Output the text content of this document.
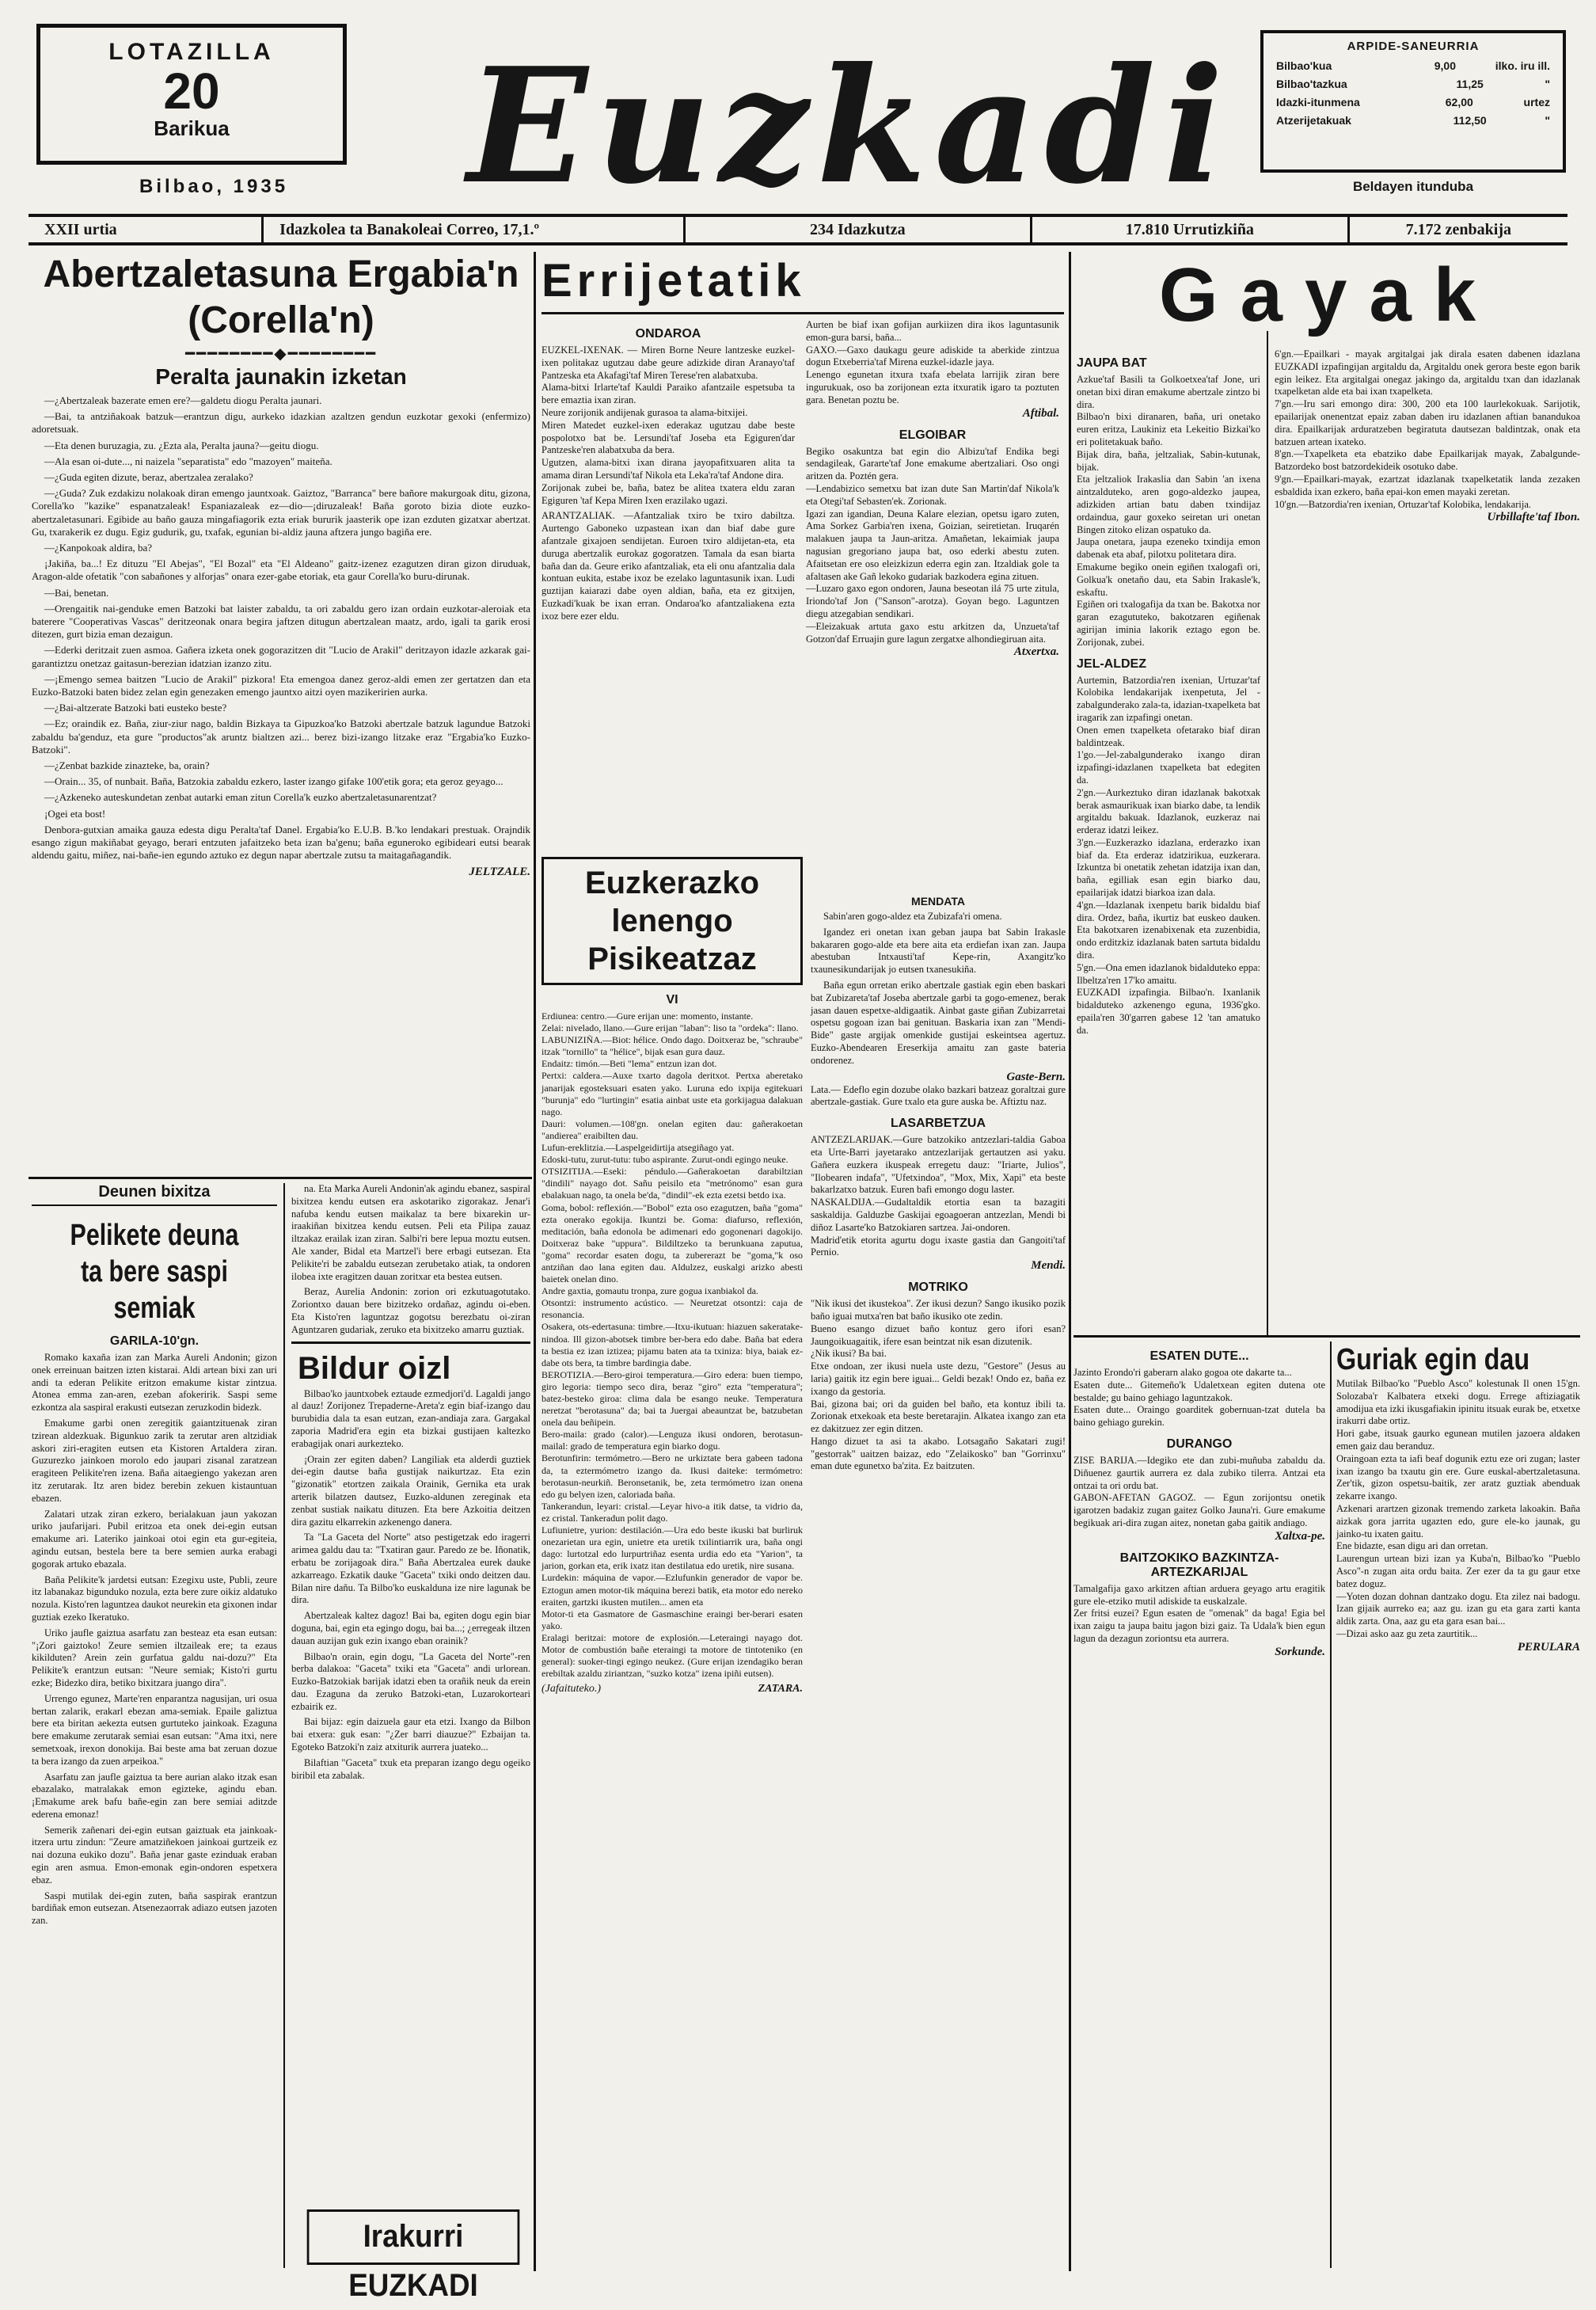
LOTAZILLA
20
Barikua
Bilbao, 1935 Euzkadi	ARPIDE-SANEURRIA
Bilbao'kua	9,00	ilko. iru ill.
Bilbao'tazkua	11,25	"
Idazki-itunmena	62,00	urtez
Atzerijetakuak	112,50	"
Beldayen itunduba
XXII urtia	Idazkolea ta Banakoleai Correo, 17,1.º	234 Idazkutza	17.810 Urrutizkiña	7.172 zenbakija
Abertzaletasuna Ergabia'n (Corella'n)
━━━━━━━━◆━━━━━━━━
Peralta jaunakin izketan

—¿Abertzaleak bazerate emen ere?—galdetu diogu Peralta jaunari.

—Bai, ta antziñakoak batzuk—erantzun digu, aurkeko idazkian azaltzen gendun euzkotar gexoki (enfermizo) adoretsuak.

—Eta denen buruzagia, zu. ¿Ezta ala, Peralta jauna?—geitu diogu.

—Ala esan oi-dute..., ni naizela "separatista" edo "mazoyen" maiteña.

—¿Guda egiten dizute, beraz, abertzalea zeralako?

—¿Guda? Zuk ezdakizu nolakoak diran emengo jauntxoak. Gaiztoz, "Barranca" bere bañore makurgoak ditu, gizona, Corella'ko "kazike" espanatzaleak! Espaniazaleak ez—dio—¡diruzaleak! Baña goroto bizia diote euzko-abertzaletasunari. Egibide au baño gauza mingafiagorik ezta eriak bururik jaasterik ope izan ezduten gizatxar abertzat. Gu, txarakerik ez dugu. Egiz gudurik, gu, txafak, egunian bi-aldiz jauna aftzera jungo bagiña ere.

—¿Kanpokoak aldira, ba?

¡Jakiña, ba...! Ez dituzu "El Abejas", "El Bozal" eta "El Aldeano" gaitz-izenez ezagutzen diran gizon diruduak, Aragon-alde ofetatik "con sabañones y alforjas" onara ezer-gabe etoriak, eta gaur Corella'ko buru-dirunak.

—Bai, benetan.

—Orengaitik nai-genduke emen Batzoki bat laister zabaldu, ta ori zabaldu gero izan ordain euzkotar-aleroiak eta baterere "Cooperativas Vascas" deritzeonak onara begira jaftzen ditugun abertzalean maatz, ardo, igali ta garik erosi ditezen, gurt bizia eman dezaigun.

—Ederki deritzait zuen asmoa. Gañera izketa onek gogorazitzen dit "Lucio de Arakil" deritzayon idazle azkarak gai-garantiztzu onetzaz gaitasun-berezian idatzian izanzo zitu.

—¡Emengo semea baitzen "Lucio de Arakil" pizkora! Eta emengoa danez geroz-aldi emen zer gertatzen dan eta Euzko-Batzoki baten bidez zelan egin genezaken emengo jauntxo aitzi oyen mazikeririen aurka.

—¿Bai-altzerate Batzoki bati eusteko beste?

—Ez; oraindik ez. Baña, ziur-ziur nago, baldin Bizkaya ta Gipuzkoa'ko Batzoki abertzale batzuk lagundue Batzoki zabaldu ba'genduz, eta gure "productos"ak aruntz bialtzen azi... berez bizi-izango litzake eraz "Ergabia'ko Euzko-Batzoki".

—¿Zenbat bazkide zinazteke, ba, orain?

—Orain... 35, of nunbait. Baña, Batzokia zabaldu ezkero, laster izango gifake 100'etik gora; eta geroz geyago...

—¿Azkeneko auteskundetan zenbat autarki eman zitun Corella'k euzko abertzaletasunarentzat?

¡Ogei eta bost!

Denbora-gutxian amaika gauza edesta digu Peralta'taf Danel. Ergabia'ko E.U.B. B.'ko lendakari prestuak. Orajndik esango zigun makiñabat geyago, berari entzuten jafaitzeko beta izan ba'genu; baña eguneroko egibideari eutsi bearak aldendu gaitu, miñez, nai-bañe-ien egundo aztuko ez degun napar abertzale zutsu ta maitagañagandik.

JELTZALE.
Deunen bixitza
Pelikete deuna ta bere saspi semiak
GARILA-10'gn.

Romako kaxaña izan zan Marka Aureli Andonin; gizon onek erreinuan baitzen izten kistarai. Aldi artean bixi zan uri andi ta ederan Pelikite eritzon emakume kistar zintzua. Atonea emma zan-aren, ezeban afokeririk. Saspi seme ezkontza ala saspiral erakusti eutsezan zeruzkodin bidezk.

Emakume garbi onen zeregitik gaiantzituenak ziran tzirean aldezkuak. Bigunkuo zarik ta zerutar aren altzidiak askori ziri-eragiten eutsen eta Kistoren Artaldera ziran. Guzurezko jainkoen morolo edo jaupari zisanal zaratzean eragiteen Pelikite'ren izena. Baña aitaegiengo yakezan aren itz zerutarak. Itz aren bidez berebin zekuen kistauntuan ebazen.

Zalatari utzak ziran ezkero, berialakuan jaun yakozan uriko jaufarijari. Pubil eritzoa eta onek dei-egin eutsan emakume ari. Lateriko jainkoai otoi egin eta gur-egiteia, agindu eutsan, bestela bere ta bere semien aurka erabagi gogorak artuko ebazala.

Baña Pelikite'k jardetsi eutsan: Ezegixu uste, Publi, zeure itz labanakaz bigunduko nozula, ezta bere zure oikiz aldatuko nozula. Kisto'ren laguntzea daukot neurekin eta gixonen indar guztiak ezeko Ikeratuko.

Uriko jaufle gaiztua asarfatu zan besteaz eta esan eutsan: "¡Zori gaiztoko! Zeure semien iltzaileak ere; ta ezaus kikilduten? Arein zein gurfatua galdu nai-dozu?" Eta Pelikite'k erantzun eutsan: "Neure semiak; Kisto'ri gurtu ezke; Bidezko dira, betiko bixitzara juango dira".

Urrengo egunez, Marte'ren enparantza nagusijan, uri osua bertan zalarik, erakarl ebezan ama-semiak. Epaile galiztua bere eta biritan aekezta eutsen gurtuteko jainkoak. Ezaguna bere emakume zerutarak semiai esan eutsan: "Ama itxi, nere semetxoak, irexon donokija. Bai beste ama bat zeruan dozue ta bera izango da zuen arpeikoa."

Asarfatu zan jaufle gaiztua ta bere aurian alako itzak esan ebazalako, matralakak emon egizteke, agindu eban. ¡Emakume arek bafu bañe-egin zan bere semiai aditzde ederena emonaz!

Semerik zañenari dei-egin eutsan gaiztuak eta jainkoak-itzera urtu zindun: "Zeure amatziñekoen jainkoai gurtzeik ez nai dozuna eukiko dozu". Baña jenar gaste ezinduak eraban egin aren asmua. Emon-emonak egin-ondoren espetxera ebaz.

Saspi mutilak dei-egin zuten, baña saspirak erantzun bardiñak emon eutsezan. Atsenezaorrak adiazo eutsen jazoten zan.

na. Eta Marka Aureli Andonin'ak agindu ebanez, saspiral bixitzea kendu eutsen era askotariko zigorakaz. Jenar'i nafuba kendu eutsen maikalaz ta bere bixarekin ur-iraakiñan bixitzea kendu eutsen. Peli eta Pilipa zauaz iltzakaz erailak izan ziran. Salbi'ri bere lepua moztu eutsen. Ale xander, Bidal eta Martzel'i bere erbagi eutsezan. Eta Pelikite'ri be zabaldu eutsezan zerubetako atiak, ta ondoren ilobea ixte eragitzen dauan zoritxar eta bestea eutsen.

Beraz, Aurelia Andonin: zorion ori ezkutuagotutako. Zoriontxo dauan bere bizitzeko ordañaz, agindu oi-eben. Eta Kisto'ren laguntzaz gogotsu berezbatu oi-ziran Aguntzaren gudariak, zeruko eta bixitzeko amarru guztiak.

Bildur oizl

Bilbao'ko jauntxobek eztaude ezmedjori'd. Lagaldi jango al dauz! Zorijonez Trepaderne-Areta'z egin biaf-izango dau burubidia dala ta esan eutzan, ezan-andiaja zara. Gargakal zaporia Madrid'era egin eta bizkai gustijaen kaltezko erabagijak onari aurkezteko.

¡Orain zer egiten daben? Langiliak eta alderdi guztiek dei-egin dautse baña gustijak naikurtzaz. Eta ezin "gizonatik" etortzen zaikala Orainik, Gernika eta urak arterik bilatzen dautsez, Euzko-aldunen zereginak eta zenbat sustiak naikatu dituzen. Eta bere Azkoitia deitzen dira gazitu elkarrekin azkenengo danera.

Ta "La Gaceta del Norte" atso pestigetzak edo iragerri arimea galdu dau ta: "Txatiran gaur. Paredo ze be. Iñonatik, erbatu be zorijagoak dira." Baña Abertzalea eurek dauke azkarreago. Ezkatik dauke "Gaceta" txiki ondo deitzen dau. Bilan nire dañu. Ta Bilbo'ko euskalduna ize nire lagunak be dira.

Abertzaleak kaltez dagoz! Bai ba, egiten dogu egin biar doguna, bai, egin eta egingo dogu, bai ba...; ¿erregeak iltzen dauan auzijan guk ezin ixango eban orainik?

Bilbao'n orain, egin dogu, "La Gaceta del Norte"-ren berba dalakoa: "Gaceta" txiki eta "Gaceta" andi urlorean. Euzko-Batzokiak barijak idatzi eben ta orañik neuk da erein dau. Ezaguna da zeruko Batzoki-etan, Luzarokorteari ezbairik ez.

Bai bijaz: egin daizuela gaur eta etzi. Ixango da Bilbon bai etxera: guk esan: "¿Zer barri diauzue?" Ezbaijan ta. Egoteko Batzoki'n zaiz atxiturik aurrera juateko...

Bilaftian "Gaceta" txuk eta preparan izango degu ogeiko biribil eta zabalak.

Irakurri EUZKADI
Errijetatik
ONDAROA
EUZKEL-IXENAK. — Miren Borne Neure lantzeske euzkel-ixen politakaz ugutzau dabe geure adizkide diran Aranayo'taf Pantzeska eta Akafagi'taf Miren Terese'ren alabatxuba.
Alama-bitxi Irlarte'taf Kauldi Paraiko afantzaile espetsuba ta bere emaztia ixan ziran.
Neure zorijonik andijenak gurasoa ta alama-bitxijei.
Miren Matedet euzkel-ixen ederakaz ugutzau dabe beste pospolotxo bat be. Lersundi'taf Joseba eta Egiguren'dar Pantzeske'ren alabatxuba da bera.
Ugutzen, alama-bitxi ixan dirana jayopafitxuaren alita ta amama diran Lersundi'taf Nikola eta Leka'ra'taf Andone dira.
Zorijonak zubei be, baña, batez be alitea txatera eldu zaran Egiguren 'taf Kepa Miren Ixen erazilako ugazi.
ARANTZALIAK. —Afantzaliak txiro be txiro dabiltza. Aurtengo Gaboneko uzpastean ixan dan biaf dabe gure afantzale gixajoen sendijetan. Euroen txiro aldijetan-eta, eta duruga abertzalik eurokaz gogoratzen. Tamala da esan biarta baña dan da. Geure eriko afantzaliak, eta eli onu afantzalia dala kontuan eukita, estabe ixoz be ezelako laguntasunik ixan. Ludi guztijan kaiarazi dabe oyen aldian, baña, eta ez gitxijen, Euzkadi'kuak be ixan erran. Ondaroa'ko afantzaliakena ezta ixoz bere ezer eldu.
Aurten be biaf ixan gofijan aurkiizen dira ikos laguntasunik emon-gura barsi, baña...
GAXO.—Gaxo daukagu geure adiskide ta aberkide zintzua dogun Etxeberria'taf Mirena euzkel-idazle jaya.
Lenengo egunetan itxura txafa ebelata larrijik ziran bere ingurukuak, oso ba zorijonean ezta itxuratik igaro ta poztuten gara. Benetan poztu be.
Aftibal.
ELGOIBAR
Begiko osakuntza bat egin dio Albizu'taf Endika begi sendagileak, Gararte'taf Jone emakume abertzaliari. Oso ongi aritzen da. Poztén gera.
—Lendabizico semetxu bat izan dute San Martin'daf Nikola'k eta Otegi'taf Sebasten'ek. Zorionak.
Igazi zan igandian, Deuna Kalare elezian, opetsu igaro zuten, Ama Sorkez Garbia'ren ixena, Goizian, seiretietan. Iruqarén malakuen jaupa ta Jaun-aritza. Amañetan, lekaimiak jaupa nagusian gregoriano jaupa bat, oso ederki abestu zuten. Afaitsetan ere oso eleizkizun ederra egin zan. Itzaldiak gole ta afaltasen ake Gañ lekoko gudariak bazkodera egina zituen.
—Luzaro gaxo egon ondoren, Jauna beseotan ilá 75 urte zitula, Iriondo'taf Jon ("Sanson"-arotza). Goyan bego. Laguntzen diegu atzegabian sendikari.
—Eleizakuak artuta gaxo estu arkitzen da, Unzueta'taf Gotzon'daf Erruajin gure lagun zergatxe alhondiegiruan aita.
Atxertxa.
Euzkerazko lenengo Pisikeatzaz
VI
Erdiunea: centro.—Gure erijan une: momento, instante.
Zelai: nivelado, llano.—Gure erijan "laban": liso ta "ordeka": llano.
LABUNIZIÑA.—Biot: hélice. Ondo dago. Doitxeraz be, "schraube" itzak "tornillo" ta "hélice", bijak esan gura dauz.
Endaitz: timón.—Beti "lema" entzun izan dot.
Pertxi: caldera.—Auxe txarto dagola deritxot. Pertxa aberetako janarijak egosteksuari esaten yako. Luruna edo ixpija egitekuari "burunja" edo "lurtingin" esatia ainbat uste eta gorkijagua dalakuan nago.
Dauri: volumen.—108'gn. onelan egiten dau: gañerakoetan "andierea" eraibilten dau.
Lufun-ereklitzia.—Laspelgeidirtija atsegiñago yat.
Edoski-tutu, zurut-tutu: tubo aspirante. Zurut-ondi egingo neuke.
OTSIZITIJA.—Eseki: péndulo.—Gañerakoetan darabiltzian "dindili" nayago dot. Sañu peisilo eta "metrónomo" esan gura ebalakuan nago, ta onela be'da, "dindil"-ek ezta ezetsi betdo ixa.
Goma, bobol: reflexión.—"Bobol" ezta oso ezagutzen, baña "goma" ezta onerako egokija. Ikuntzi be. Goma: diafurso, reflexión, meditación, baña edonola be adimenari edo gogonenari dagokijo. Doitxeraz bake "uppura". Bildiltzeko ta berunkuana zaputua, "goma" recordar esaten dogu, ta zubererazt be "goma,"k oso antziñan dao lana egiten dau. Aldulzez, euskalgi arizko abesti baietek onelan dino.
Andre gaxtia, gomautu tronpa, zure gogua ixanbiakol da.
Otsontzi: instrumento acústico. — Neuretzat otsontzi: caja de resonancia.
Osakera, ots-edertasuna: timbre.—Itxu-ikutuan: hiazuen sakeratake-nindoa. Ill gizon-abotsek timbre ber-bera edo dabe. Baña bat edera ta bestia ez izan iztizea; pijamu baten ata ta txiniza: biya, baiak ez-dabe ots bera, ta timbre bardingia dabe.
BEROTIZIA.—Bero-giroi temperatura.—Giro edera: buen tiempo, giro legoria: tiempo seco dira, beraz "giro" ezta "temperatura"; batez-besteko giroa: clima dala be esango neuke. Temperatura neretzat "berotasuna" da; bai ta Juergai abeauntzat be, batzubetan onela dau beñipein.
Bero-maila: grado (calor).—Lenguza ikusi ondoren, berotasun-mailal: grado de temperatura egin biarko dogu.
Berotunfirin: termómetro.—Bero ne urkiztate bera gabeen tadona da, ta eztermómetro izango da. Ikusi daiteke: termómetro: berotasun-neurkiñ. Beronsetanik, be, zeta termómetro izan onena edo gu belyen izen, caloriada baña.
Tankerandun, leyari: cristal.—Leyar hivo-a itik datse, ta vidrio da, ez cristal. Tankeradun polit dago.
Lufiunietre, yurion: destilación.—Ura edo beste ikuski bat burliruk onezarietan ura egin, unietre eta uretik txilintiarrik ura, baña ongi dago: lurtotzal edo lurpurtriñaz esenta urdia edo eta "Yarion", ta jarion, gorkan eta, erik ixatz itan destilatua edo uretik, nire susana.
Lurdekin: máquina de vapor.—Ezlufunkin generador de vapor be. Eztogun amen motor-tik máquina berezi batik, eta motor edo nereko eraiten, gartzki ikusten mutilen... amen eta
Motor-ti eta Gasmatore de Gasmaschine eraingi ber-berari esaten yako.
Eralagi beritzai: motore de explosión.—Leteraingi nayago dot. Motor de combustión bañe eteraingi ta motore de tintoteniko (en general): suoker-tingi egingo neukez. (Gure erijan izendagiko beran erebiltak azaldu ziriantzan, "suzko kotza" izena ipiñi eutsen).
(Jafaituteko.)	ZATARA.
MENDATA

Sabin'aren gogo-aldez eta Zubizafa'ri omena.

Igandez eri onetan ixan geban jaupa bat Sabin Irakasle bakararen gogo-alde eta bere aita eta erdiefan ixan zan. Jaupa abestuban Intxausti'taf Kepe-rin, Axangitz'ko txaunesikundarijak jo eutsen txanesukiña.

Baña egun orretan eriko abertzale gastiak egin eben baskari bat Zubizareta'taf Joseba abertzale garbi ta gogo-emenez, berak jasan dauen espetxe-aldigaatik. Ainbat gaste giñan Zubizarretai ospetsu gogoan izan bai genituan. Baskaria ixan zan "Mendi-Bide" gaste argijak omenkide gustijai eskeintsea agertuz. Euzko-Abendearen Ereserkija amaitu zan gaste bateria ondorenez.

Gaste-Bern.
Lata.— Edeflo egin dozube olako bazkari batzeaz goraltzai gure abertzale-gastiak. Gure txalo eta gure auska be. Aftiztu naz.
LASARBETZUA
ANTZEZLARIJAK.—Gure batzokiko antzezlari-taldia Gaboa eta Urte-Barri jayetarako antzezlarijak gertautzen asi yaku. Gañera euzkera ikuspeak erregetu dauz: "Iriarte, Julios", "Ilobearen indafa", "Ufetxindoa", "Mox, Mix, Xapi" eta beste bakarlzatxo batzuk. Euren bafi emongo dogu laster.
NASKALDIJA.—Gudaltaldik etortia esan ta bazagiti saskaldija. Galduzbe Gaskijai egoagoeran antzezlan, Mendi bi diñoz Lasarte'ko Batzokiaren sartzea. Jai-ondoren.
Madrid'etik etorita agurtu dogu ixaste gastia dan Gangoiti'taf Pernio.
Mendi.
MOTRIKO
"Nik ikusi det ikustekoa". Zer ikusi dezun? Sango ikusiko pozik baño iguai mutxa'ren bat baño ikusiko ote zedin.
Bueno esango dizuet baño kontuz gero ifori esan? Jaungoikuagaitik, ifere esan beintzat nik esan dizutenik.
¿Nik ikusi? Ba bai.
Etxe ondoan, zer ikusi nuela uste dezu, "Gestore" (Jesus au laria) gaitik itz egin bere iguai... Geldi bezak! Ondo ez, baña ez ixango da gestoria.
Bai, gizona bai; ori da guiden bel baño, eta kontuz ibili ta. Zorionak etxekoak eta beste beretarajin. Alkatea ixango zan eta ez dakitzuez zer egin ditzen.
Hango dizuet ta asi ta akabo. Lotsagaño Sakatari zugi! "gestorrak" uaitzen baizaz, edo "Zelaikosko" ban "Gorrinxu" eman dute egunetxo ba'zita. Ez baitzuten.
Gayak
JAUPA BAT
Azkue'taf Basili ta Golkoetxea'taf Jone, uri onetan bixi diran emakume abertzale zintzo bi dira.
Bilbao'n bixi diranaren, baña, uri onetako euren eritza, Laukiniz eta Lekeitio Bizkai'ko eri politetakuak baño.
Bijak dira, baña, jeltzaliak, Sabin-kutunak, bijak.
Eta jeltzaliok Irakaslia dan Sabin 'an ixena aintzalduteko, aren gogo-aldezko jaupea, adizkiden artian batu daben txindijaz ordaindua, gaur goxeko seiretan uri onetan Bingen zitoko elizan ospatuko da.
Jaupa onetara, jaupa ezeneko txindija emon dabenak eta abaf, pilotxu politetara dira.
Emakume begiko onein egiñen txalogafi ori, Golkua'k onetaño dau, eta Sabin Irakasle'k, eskaftu.
Egiñen ori txalogafija da txan be. Bakotxa nor garan ezagututeko, bakotzaren egiñenak agirijan iminia lakorik eztago egon be. Zorijonak, zubei.
JEL-ALDEZ
Aurtemin, Batzordia'ren ixenian, Urtuzar'taf Kolobika lendakarijak ixenpetuta, Jel - zabalgunderako zala-ta, idazian-txapelketa bat iragarik zan izpafingi onetan.
Onen emen txapelketa ofetarako biaf diran baldintzeak.
1'go.—Jel-zabalgunderako ixango diran izpafingi-idazlanen txapelketa bat edegiten da.
2'gn.—Aurkeztuko diran idazlanak bakotxak berak asmaurikuak ixan biarko dabe, ta lendik argitaldu bakuak. Idazlanok, euzkeraz nai erderaz idatzi leikez.
3'gn.—Euzkerazko idazlana, erderazko ixan biaf da. Eta erderaz idatzirikua, euzkerara. Izkuntza bi onetatik zehetan idatzija ixan dan, baña, egilliak esan egin biarko dau, epailarijak idatzi biarkoa izan dala.
4'gn.—Idazlanak ixenpetu barik bidaldu biaf dira. Ordez, baña, ikurtiz bat euskeo dauken. Eta bakotxaren izenabixenak eta zuzenbidia, ondo erditzkiz idazlanak baten sartuta bidaldu dira.
5'gn.—Ona emen idazlanok bidalduteko eppa: Ilbeltza'ren 17'ko amaitu.
EUZKADI izpafingia. Bilbao'n. Ixanlanik bidalduteko azkenengo eguna, 1936'gko. epaila'ren 30'garren gabese 12 'tan amatuko da.
6'gn.—Epailkari - mayak argitalgai jak dirala esaten dabenen idazlana EUZKADI izpafingijan argitaldu da, Argitaldu onek gerora beste egon barik egin leikez. Eta argitalgai onegaz jakingo da, argitaldu txan dan idazlanak txapelketan alde eta bai ixan txapelketa.
7'gn.—Iru sari emongo dira: 300, 200 eta 100 laurlekokuak. Sarijotik, epailarijak onenentzat epaiz zaban daben iru idazlanen aftian banandukoa dira. Epailkarijak arduratzeben begiratuta dautsezan baldintzak, onak eta batzuen artean ixateko.
8'gn.—Txapelketa eta ebatziko dabe Epailkarijak mayak, Zabalgunde-Batzordeko bost batzordekideik osotuko dabe.
9'gn.—Epailkari-mayak, ezartzat idazlanak txapelketatik landa zezaken esbaldida ixan ezkero, baña epai-kon emen mayaki zeretan.
10'gn.—Batzordia'ren ixenian, Ortuzar'taf Kolobika, lendakarija.
Urbillafte'taf Ibon.
ESATEN DUTE...
Jazinto Erondo'ri gaberarn alako gogoa ote dakarte ta...
Esaten dute... Gitemeño'k Udaletxean egiten dutena ote bestalde; gu baino gehiago laguntzakok.
Esaten dute... Oraingo goarditek gobernuan-tzat dutela ba baino gehiago gurekin.
DURANGO
ZISE BARIJA.—Idegiko ete dan zubi-muñuba zabaldu da. Diñuenez gaurtik aurrera ez dala zubiko tilerra. Antzai eta ontzai ta ori ordu bat.
GABON-AFETAN GAGOZ. — Egun zorijontsu onetik igarotzen badakiz zugan gaitez Golko Jauna'ri. Gure emakume begikuak ari-dira zugan aitez, nonetan gaba gaitik andiago.
Xaltxa-pe.
BAITZOKIKO BAZKINTZA-ARTEZKARIJAL
Tamalgafija gaxo arkitzen aftian arduera geyago artu eragitik gure ele-etziko mutil adiskide ta euskalzale.
Zer fritsi euzei? Egun esaten de "omenak" da baga! Egia bel ixan zaigu ta jaupa baitu jagon bizi gaiz. Ta Udala'k bien egun lagun da dezagun zoriontsu eta aurrera.
Sorkunde.
Guriak egin dau
Mutilak Bilbao'ko "Pueblo Asco" kolestunak Il onen 15'gn. Solozaba'r Kalbatera etxeki dogu. Errege aftiziagatik amodijua eta izki ikusgafiakin ipinitu itsuak eurak be, etxetxe irakurri dabe ortiz.
Hori gabe, itsuak gaurko egunean mutilen jazoera aldaken emen gaiz dau beranduz.
Oraingoan ezta ta iafi beaf dogunik eztu eze ori zugan; laster ixan izango ba txautu gin ere. Gure euskal-abertzaletasuna. Zer'tik, gizon ospetsu-baitik, zer aratz guztiak abenduak zekarre ixango.
Azkenari arartzen gizonak tremendo zarketa lakoakin. Baña aizkak gora jarrita ugazten edo, gure ele-ko jaunak, gu jainko-tu ixaten gaitu.
Ene bidazte, esan digu ari dan orretan.
Laurengun urtean bizi izan ya Kuba'n, Bilbao'ko "Pueblo Asco"-n zugan aita ordu baita. Zer ezer da ta gu gaur etxe batez doguz.
—Yoten dozan dohnan dantzako dogu. Eta zilez nai badogu. Izan gijaik aurreko ea; aaz gu. izan gu eta gara zarti kanta aldik zarta. Ona, aaz gu eta gara esan bai...
—Dizai asko aaz gu zeta zaurtitik...
PERULARA
